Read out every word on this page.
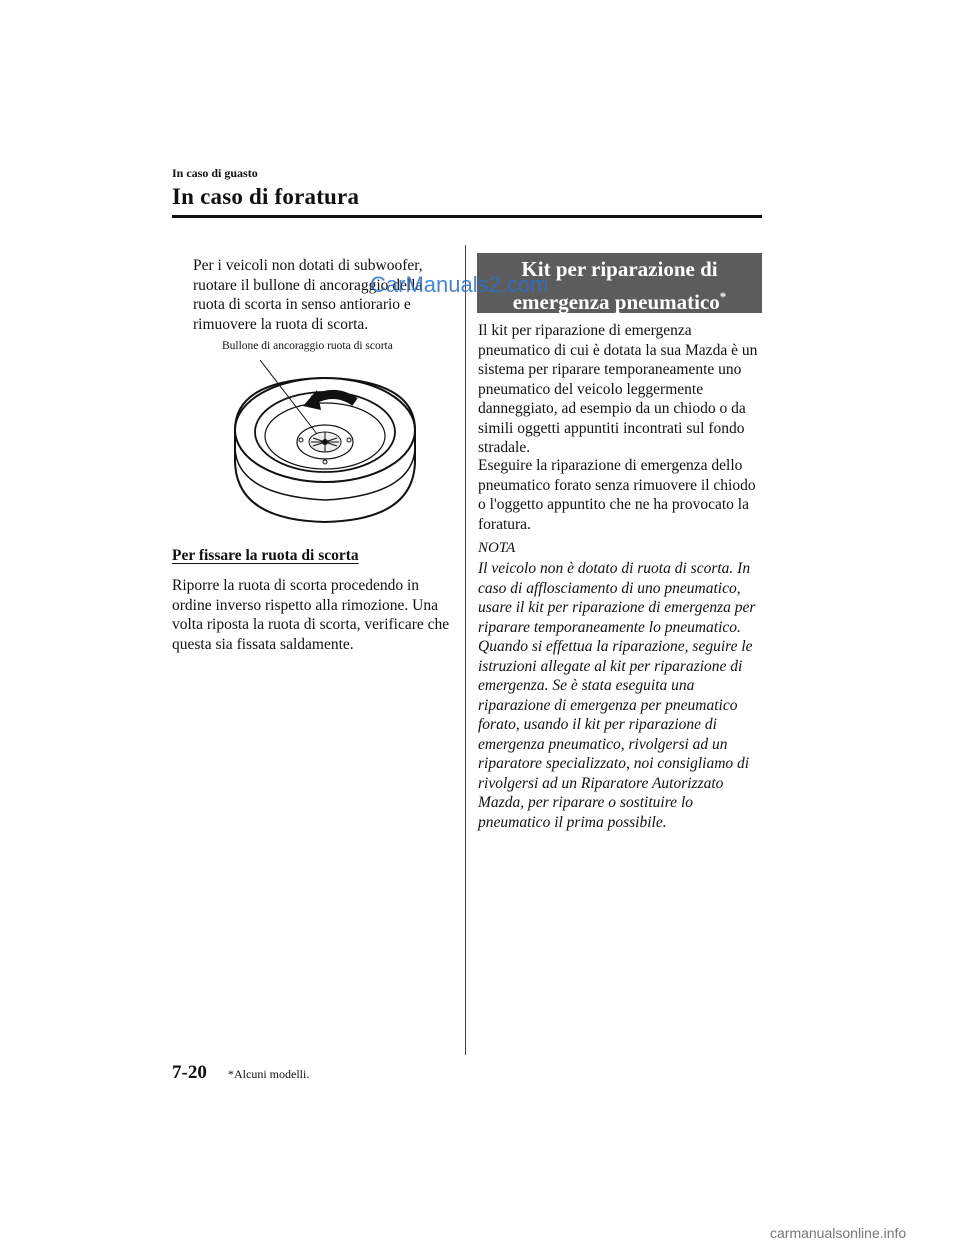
In caso di guasto
In caso di foratura
Per i veicoli non dotati di subwoofer, ruotare il bullone di ancoraggio della ruota di scorta in senso antiorario e rimuovere la ruota di scorta.
Bullone di ancoraggio ruota di scorta
Per fissare la ruota di scorta
Riporre la ruota di scorta procedendo in ordine inverso rispetto alla rimozione. Una volta riposta la ruota di scorta, verificare che questa sia fissata saldamente.
Kit per riparazione di
emergenza pneumatico*
Il kit per riparazione di emergenza pneumatico di cui è dotata la sua Mazda è un sistema per riparare temporaneamente uno pneumatico del veicolo leggermente danneggiato, ad esempio da un chiodo o da simili oggetti appuntiti incontrati sul fondo stradale.
Eseguire la riparazione di emergenza dello pneumatico forato senza rimuovere il chiodo o l'oggetto appuntito che ne ha provocato la foratura.
NOTA
Il veicolo non è dotato di ruota di scorta. In caso di afflosciamento di uno pneumatico, usare il kit per riparazione di emergenza per riparare temporaneamente lo pneumatico. Quando si effettua la riparazione, seguire le istruzioni allegate al kit per riparazione di emergenza. Se è stata eseguita una riparazione di emergenza per pneumatico forato, usando il kit per riparazione di emergenza pneumatico, rivolgersi ad un riparatore specializzato, noi consigliamo di rivolgersi ad un Riparatore Autorizzato Mazda, per riparare o sostituire lo pneumatico il prima possibile.
7-20 *Alcuni modelli.
CarManuals2.com
carmanualsonline.info
